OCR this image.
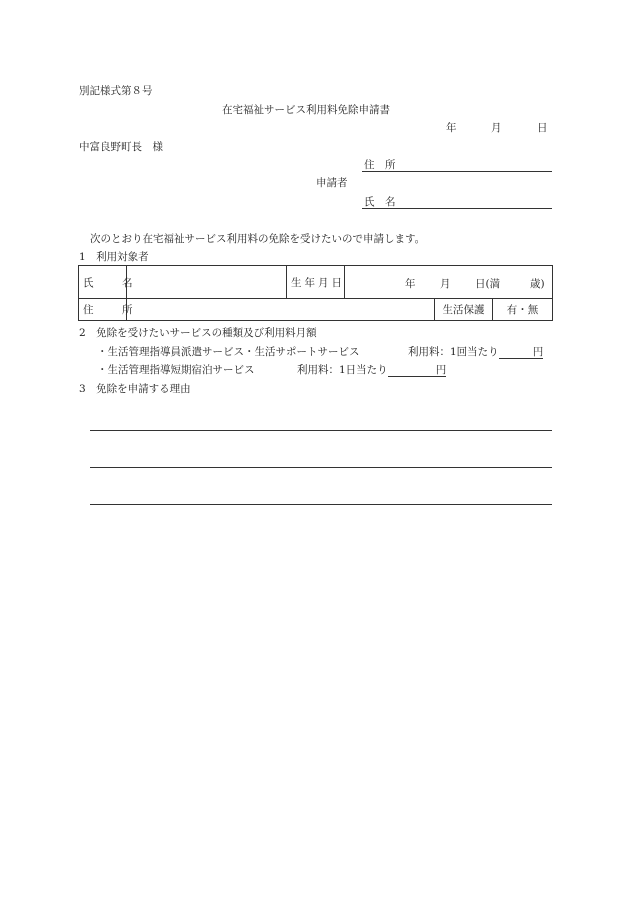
別記様式第８号
在宅福祉サービス利用料免除申請書
年	月	日
中富良野町長　様
住　所
申請者
氏　名
次のとおり在宅福祉サービス利用料の免除を受けたいので申請します。
1　利用対象者
氏　名		生年月日	年 月 日(満 歳)		

住　所				生活保護	有・無
2　免除を受けたいサービスの種類及び利用料月額
・生活管理指導員派遣サービス・生活サポートサービス	利用料：1回当たり	円
・生活管理指導短期宿泊サービス	利用料：1日当たり	円
3　免除を申請する理由
